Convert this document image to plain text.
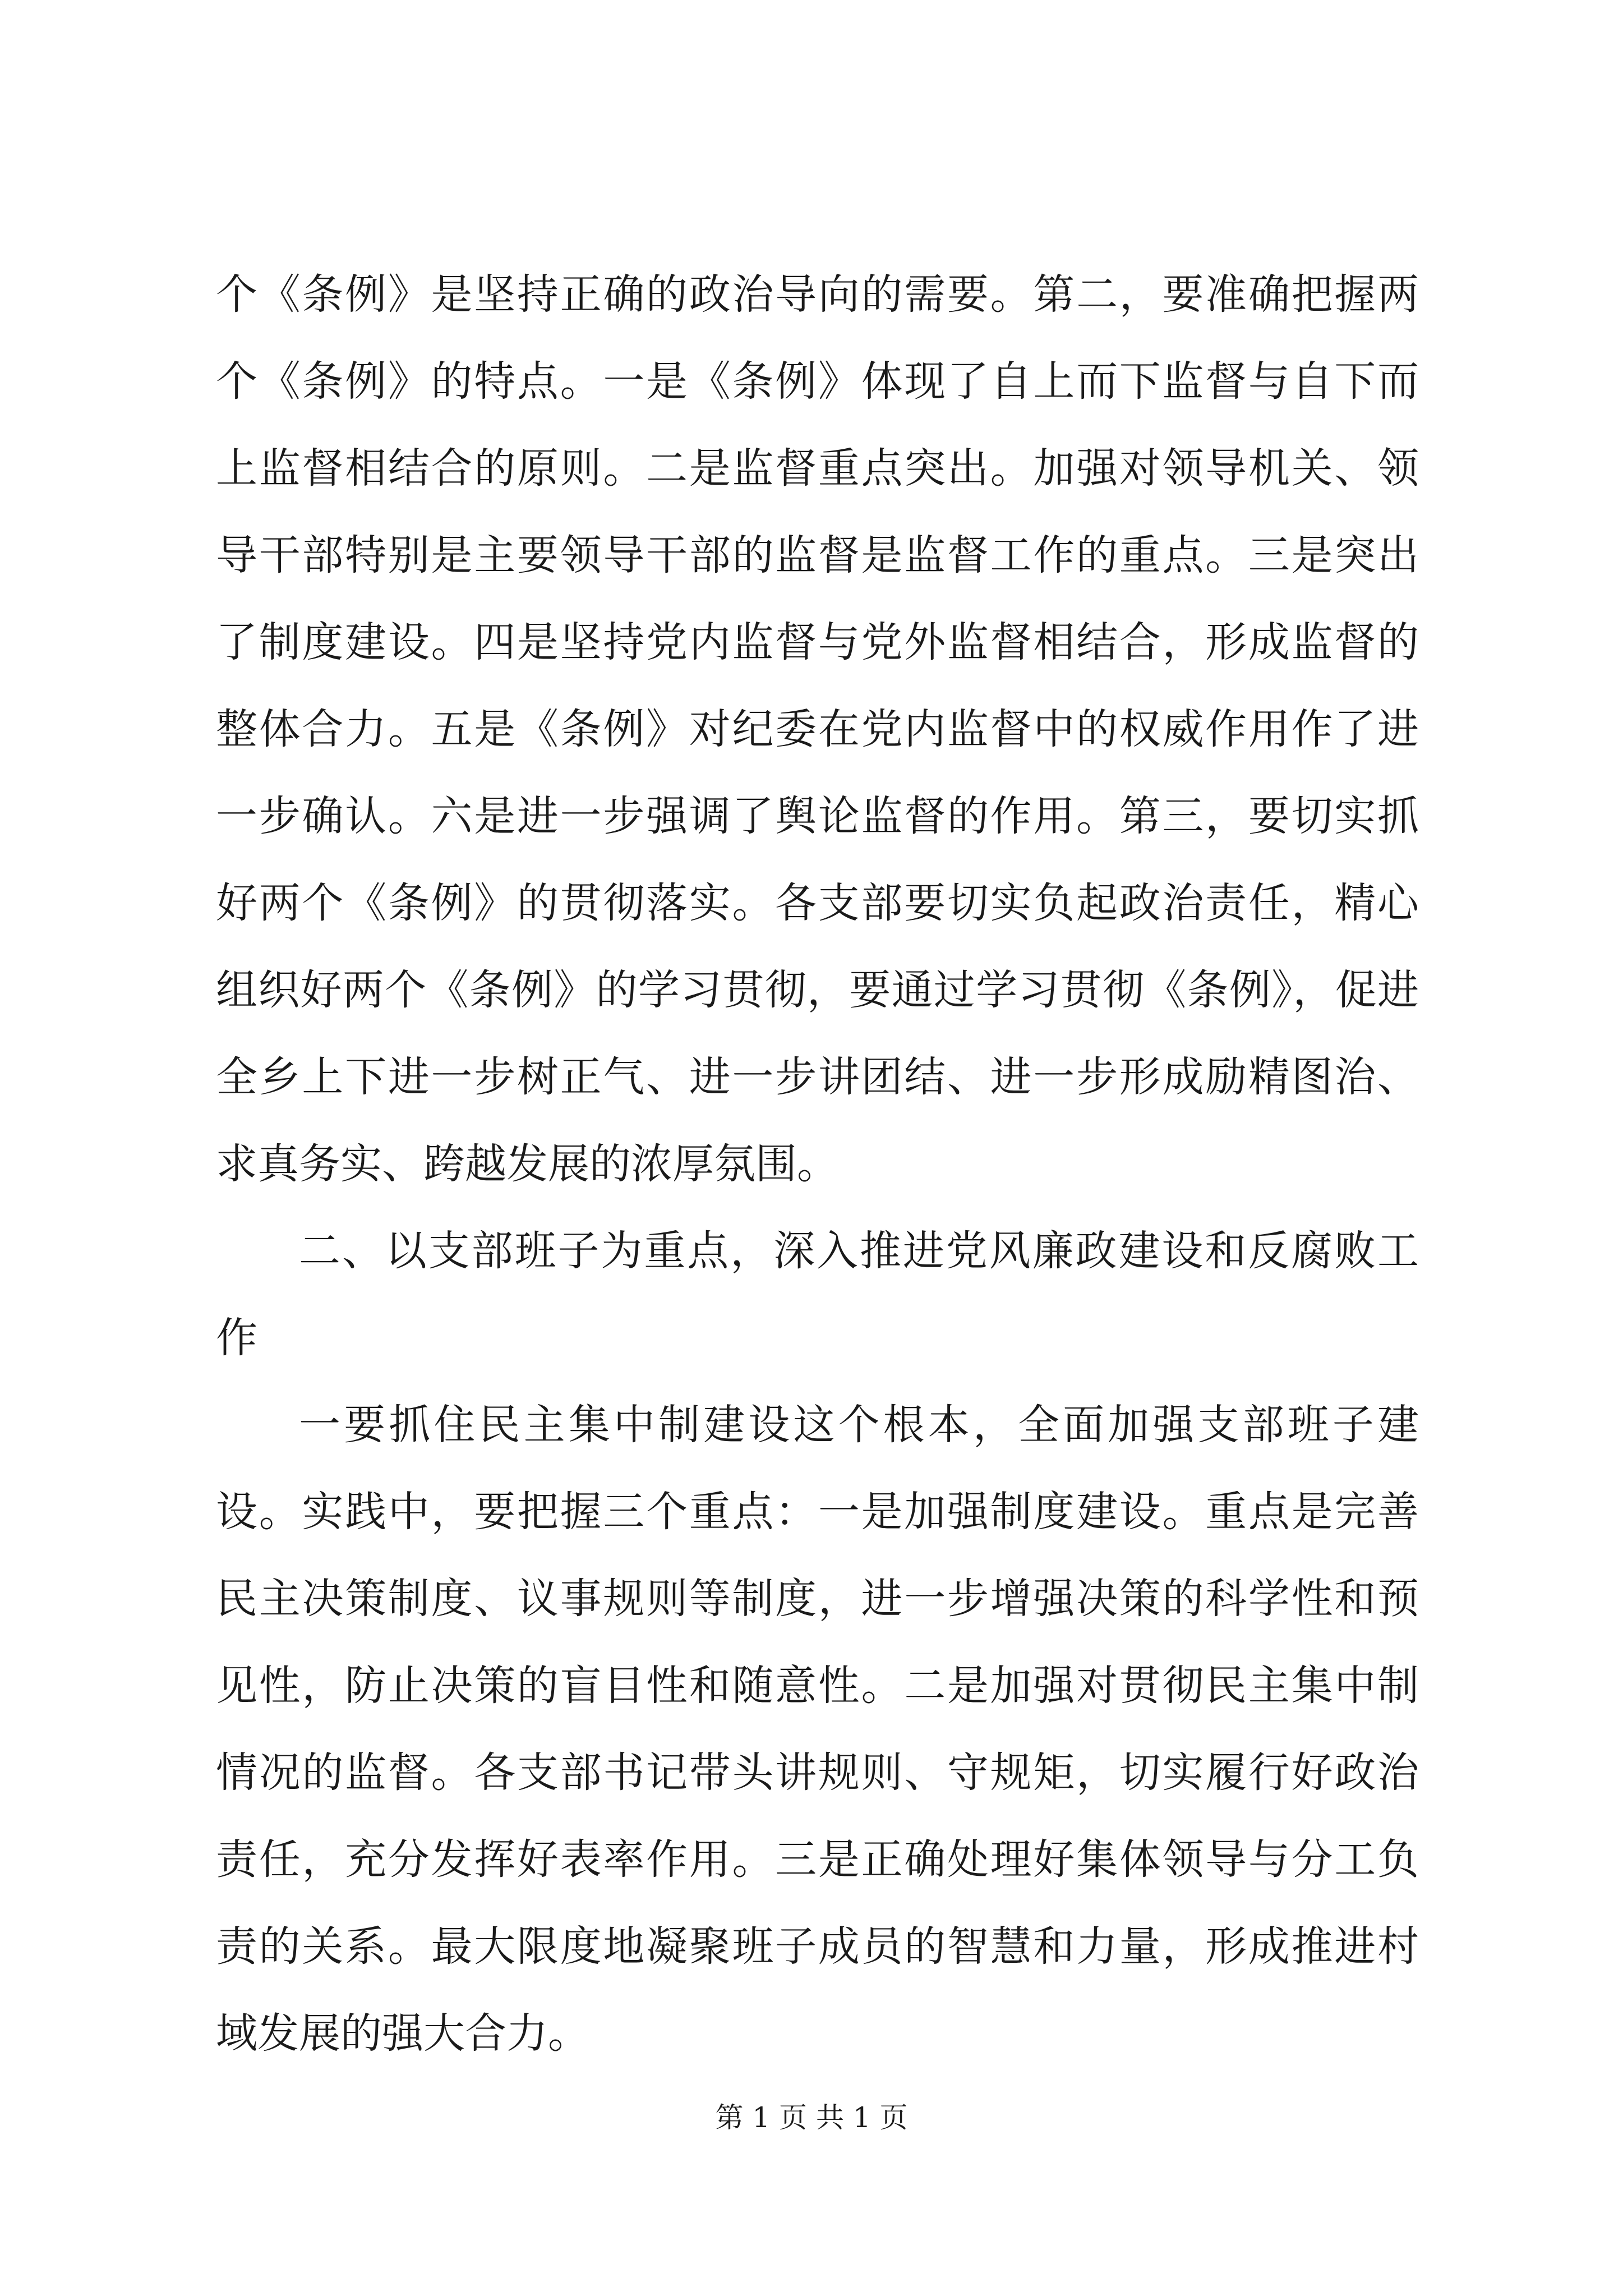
个《条例》是坚持正确的政治导向的需要。第二，要准确把握两个《条例》的特点。一是《条例》体现了自上而下监督与自下而上监督相结合的原则。二是监督重点突出。加强对领导机关、领导干部特别是主要领导干部的监督是监督工作的重点。三是突出了制度建设。四是坚持党内监督与党外监督相结合，形成监督的整体合力。五是《条例》对纪委在党内监督中的权威作用作了进一步确认。六是进一步强调了舆论监督的作用。第三，要切实抓好两个《条例》的贯彻落实。各支部要切实负起政治责任，精心组织好两个《条例》的学习贯彻，要通过学习贯彻《条例》，促进全乡上下进一步树正气、进一步讲团结、进一步形成励精图治、求真务实、跨越发展的浓厚氛围。

二、以支部班子为重点，深入推进党风廉政建设和反腐败工作

一要抓住民主集中制建设这个根本，全面加强支部班子建设。实践中，要把握三个重点：一是加强制度建设。重点是完善民主决策制度、议事规则等制度，进一步增强决策的科学性和预见性，防止决策的盲目性和随意性。二是加强对贯彻民主集中制情况的监督。各支部书记带头讲规则、守规矩，切实履行好政治责任，充分发挥好表率作用。三是正确处理好集体领导与分工负责的关系。最大限度地凝聚班子成员的智慧和力量，形成推进村域发展的强大合力。

第 1 页 共 1 页
